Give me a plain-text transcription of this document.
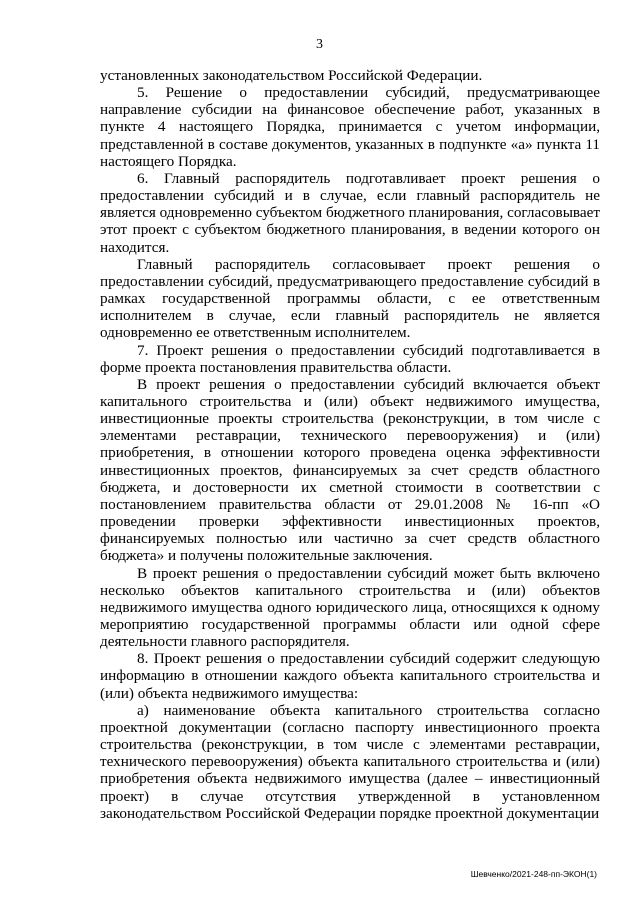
3

установленных законодательством Российской Федерации.

5. Решение о предоставлении субсидий, предусматривающее направление субсидии на финансовое обеспечение работ, указанных в пункте 4 настоящего Порядка, принимается с учетом информации, представленной в составе документов, указанных в подпункте «а» пункта 11 настоящего Порядка.

6. Главный распорядитель подготавливает проект решения о предоставлении субсидий и в случае, если главный распорядитель не является одновременно субъектом бюджетного планирования, согласовывает этот проект с субъектом бюджетного планирования, в ведении которого он находится.

Главный распорядитель согласовывает проект решения о предоставлении субсидий, предусматривающего предоставление субсидий в рамках государственной программы области, с ее ответственным исполнителем в случае, если главный распорядитель не является одновременно ее ответственным исполнителем.

7. Проект решения о предоставлении субсидий подготавливается в форме проекта постановления правительства области.

В проект решения о предоставлении субсидий включается объект капитального строительства и (или) объект недвижимого имущества, инвестиционные проекты строительства (реконструкции, в том числе с элементами реставрации, технического перевооружения) и (или) приобретения, в отношении которого проведена оценка эффективности инвестиционных проектов, финансируемых за счет средств областного бюджета, и достоверности их сметной стоимости в соответствии с постановлением правительства области от 29.01.2008 № 16-пп «О проведении проверки эффективности инвестиционных проектов, финансируемых полностью или частично за счет средств областного бюджета» и получены положительные заключения.

В проект решения о предоставлении субсидий может быть включено несколько объектов капитального строительства и (или) объектов недвижимого имущества одного юридического лица, относящихся к одному мероприятию государственной программы области или одной сфере деятельности главного распорядителя.

8. Проект решения о предоставлении субсидий содержит следующую информацию в отношении каждого объекта капитального строительства и (или) объекта недвижимого имущества:

а) наименование объекта капитального строительства согласно проектной документации (согласно паспорту инвестиционного проекта строительства (реконструкции, в том числе с элементами реставрации, технического перевооружения) объекта капитального строительства и (или) приобретения объекта недвижимого имущества (далее – инвестиционный проект) в случае отсутствия утвержденной в установленном законодательством Российской Федерации порядке проектной документации

Шевченко/2021-248-пп-ЭКОН(1)
